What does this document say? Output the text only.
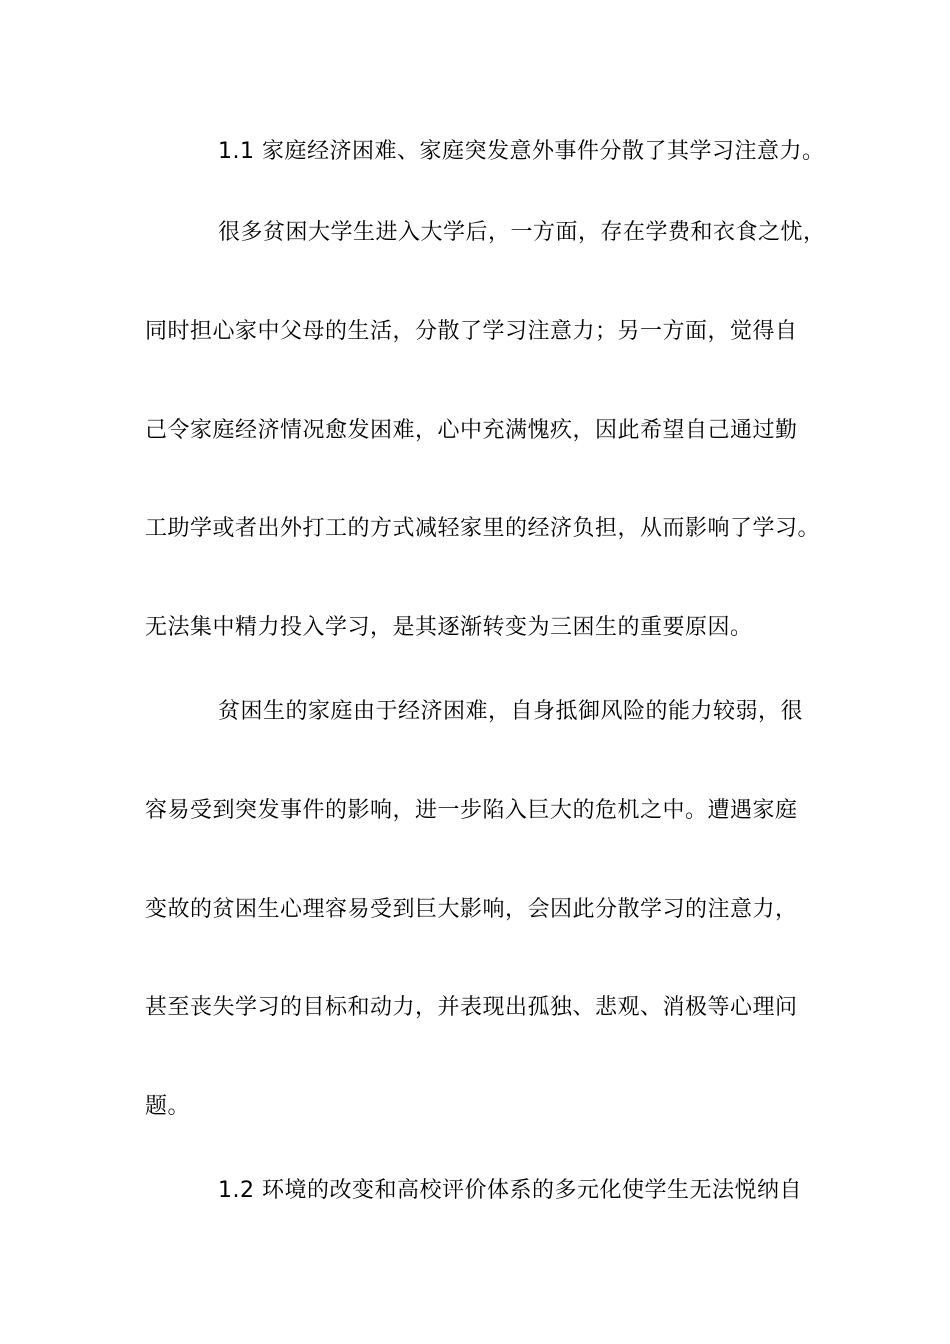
1.1 家庭经济困难、家庭突发意外事件分散了其学习注意力。
很多贫困大学生进入大学后，一方面，存在学费和衣食之忧，
同时担心家中父母的生活，分散了学习注意力；另一方面，觉得自
己令家庭经济情况愈发困难，心中充满愧疚，因此希望自己通过勤
工助学或者出外打工的方式减轻家里的经济负担，从而影响了学习。
无法集中精力投入学习，是其逐渐转变为三困生的重要原因。
贫困生的家庭由于经济困难，自身抵御风险的能力较弱，很
容易受到突发事件的影响，进一步陷入巨大的危机之中。遭遇家庭
变故的贫困生心理容易受到巨大影响，会因此分散学习的注意力，
甚至丧失学习的目标和动力，并表现出孤独、悲观、消极等心理问
题。
1.2 环境的改变和高校评价体系的多元化使学生无法悦纳自
